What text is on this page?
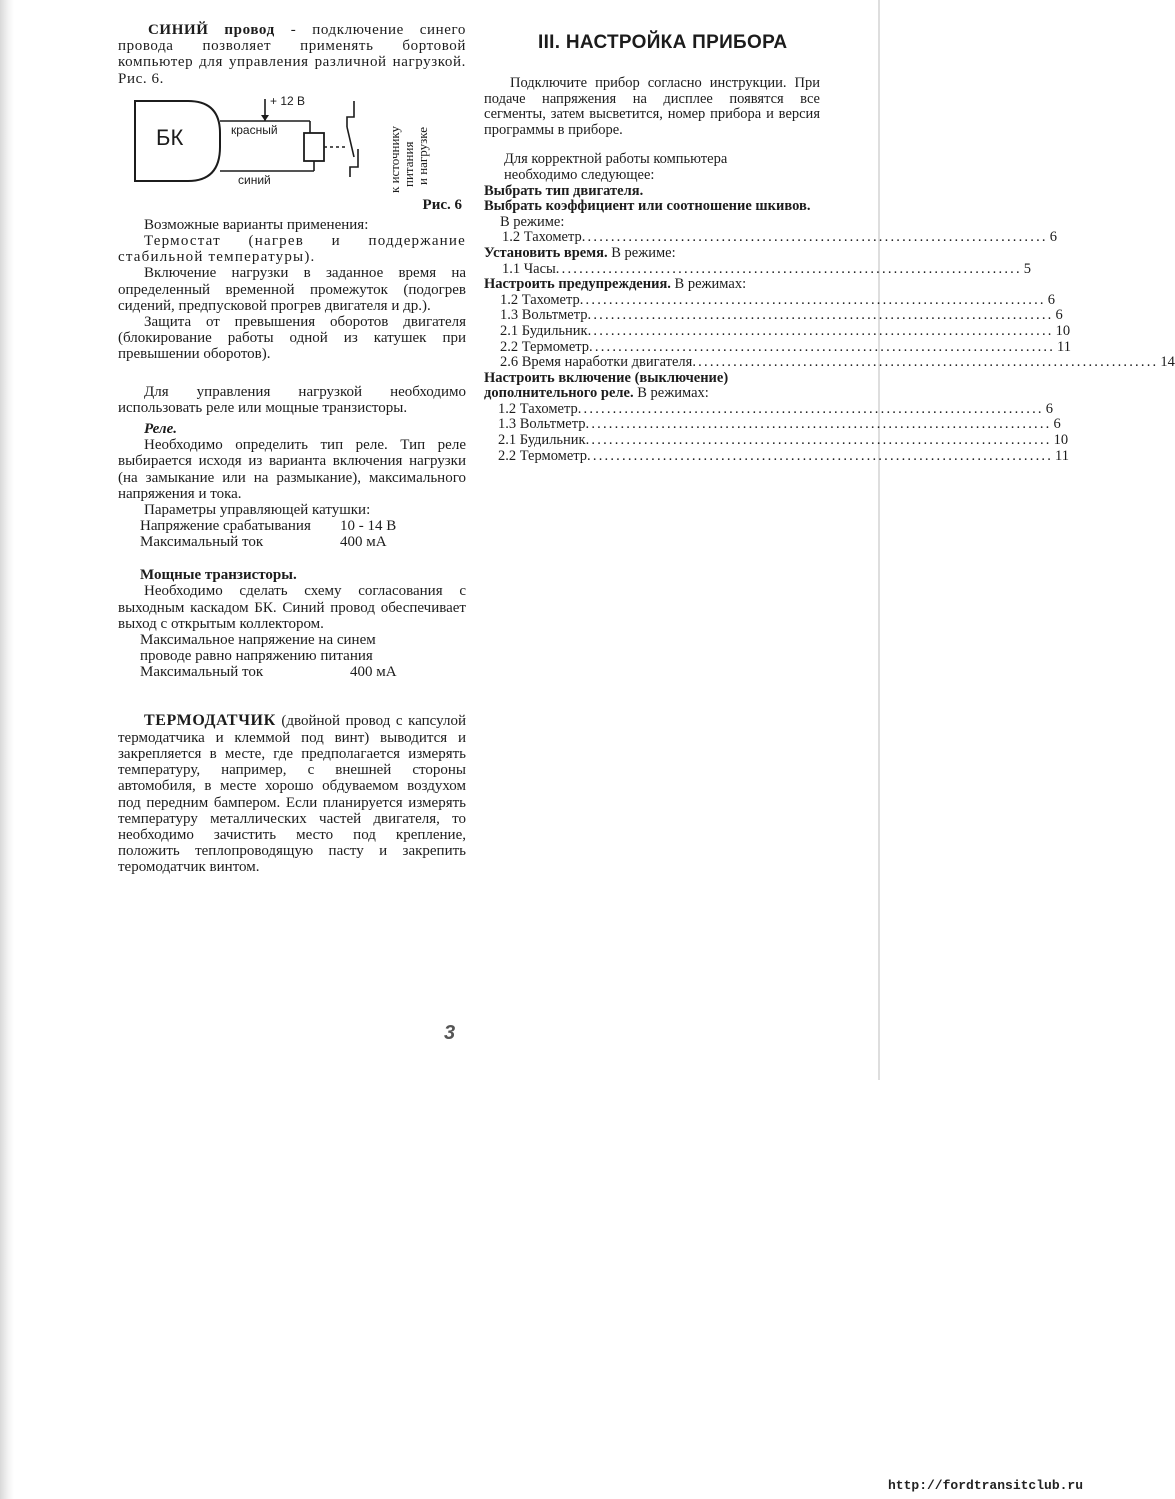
СИНИЙ провод - подключение синего провода позволяет применять бортовой компьютер для управления различной нагрузкой. Рис. 6.

БК
+ 12 В
красный
синий	к источнику питания и нагрузке
Рис. 6

Возможные варианты применения:

Термостат (нагрев и поддержание стабильной температуры).

Включение нагрузки в заданное время на определенный временной промежуток (подогрев сидений, предпусковой прогрев двигателя и др.).

Защита от превышения оборотов двигателя (блокирование работы одной из катушек при превышении оборотов).

Для управления нагрузкой необходимо использовать реле или мощные транзисторы.

Реле.

Необходимо определить тип реле. Тип реле выбирается исходя из варианта включения нагрузки (на замыкание или на размыкание), максимального напряжения и тока.

Параметры управляющей катушки:

Напряжение срабатывания	10 - 14 В
Максимальный ток	400 мА

Мощные транзисторы.

Необходимо сделать схему согласования с выходным каскадом БК. Синий провод обеспечивает выход с открытым коллектором.

Максимальное напряжение на синем

проводе равно напряжению питания

Максимальный ток	400 мА

ТЕРМОДАТЧИК (двойной провод с капсулой термодатчика и клеммой под винт) выводится и закрепляется в месте, где предполагается измерять температуру, например, с внешней стороны автомобиля, в месте хорошо обдуваемом воздухом под передним бампером. Если планируется измерять температуру металлических частей двигателя, то необходимо зачистить место под крепление, положить теплопроводящую пасту и закрепить теромодатчик винтом.

III. НАСТРОЙКА ПРИБОРА

Подключите прибор согласно инструкции. При подаче напряжения на дисплее появятся все сегменты, затем высветится, номер прибора и версия программы в приборе.

Для корректной работы компьютера

необходимо следующее:

Выбрать тип двигателя.
Выбрать коэффициент или соотношение шкивов.
В режиме:
1.2 Тахометр ................................................................................ 6
Установить время. В режиме:
1.1 Часы ................................................................................ 5
Настроить предупреждения. В режимах:
1.2 Тахометр ................................................................................ 6
1.3 Вольтметр ................................................................................ 6
2.1 Будильник ................................................................................ 10
2.2 Термометр ................................................................................ 11
2.6 Время наработки двигателя ................................................................................ 14
Настроить включение (выключение)
дополнительного реле. В режимах:
1.2 Тахометр ................................................................................ 6
1.3 Вольтметр ................................................................................ 6
2.1 Будильник ................................................................................ 10
2.2 Термометр ................................................................................ 11
3
http://fordtransitclub.ru
